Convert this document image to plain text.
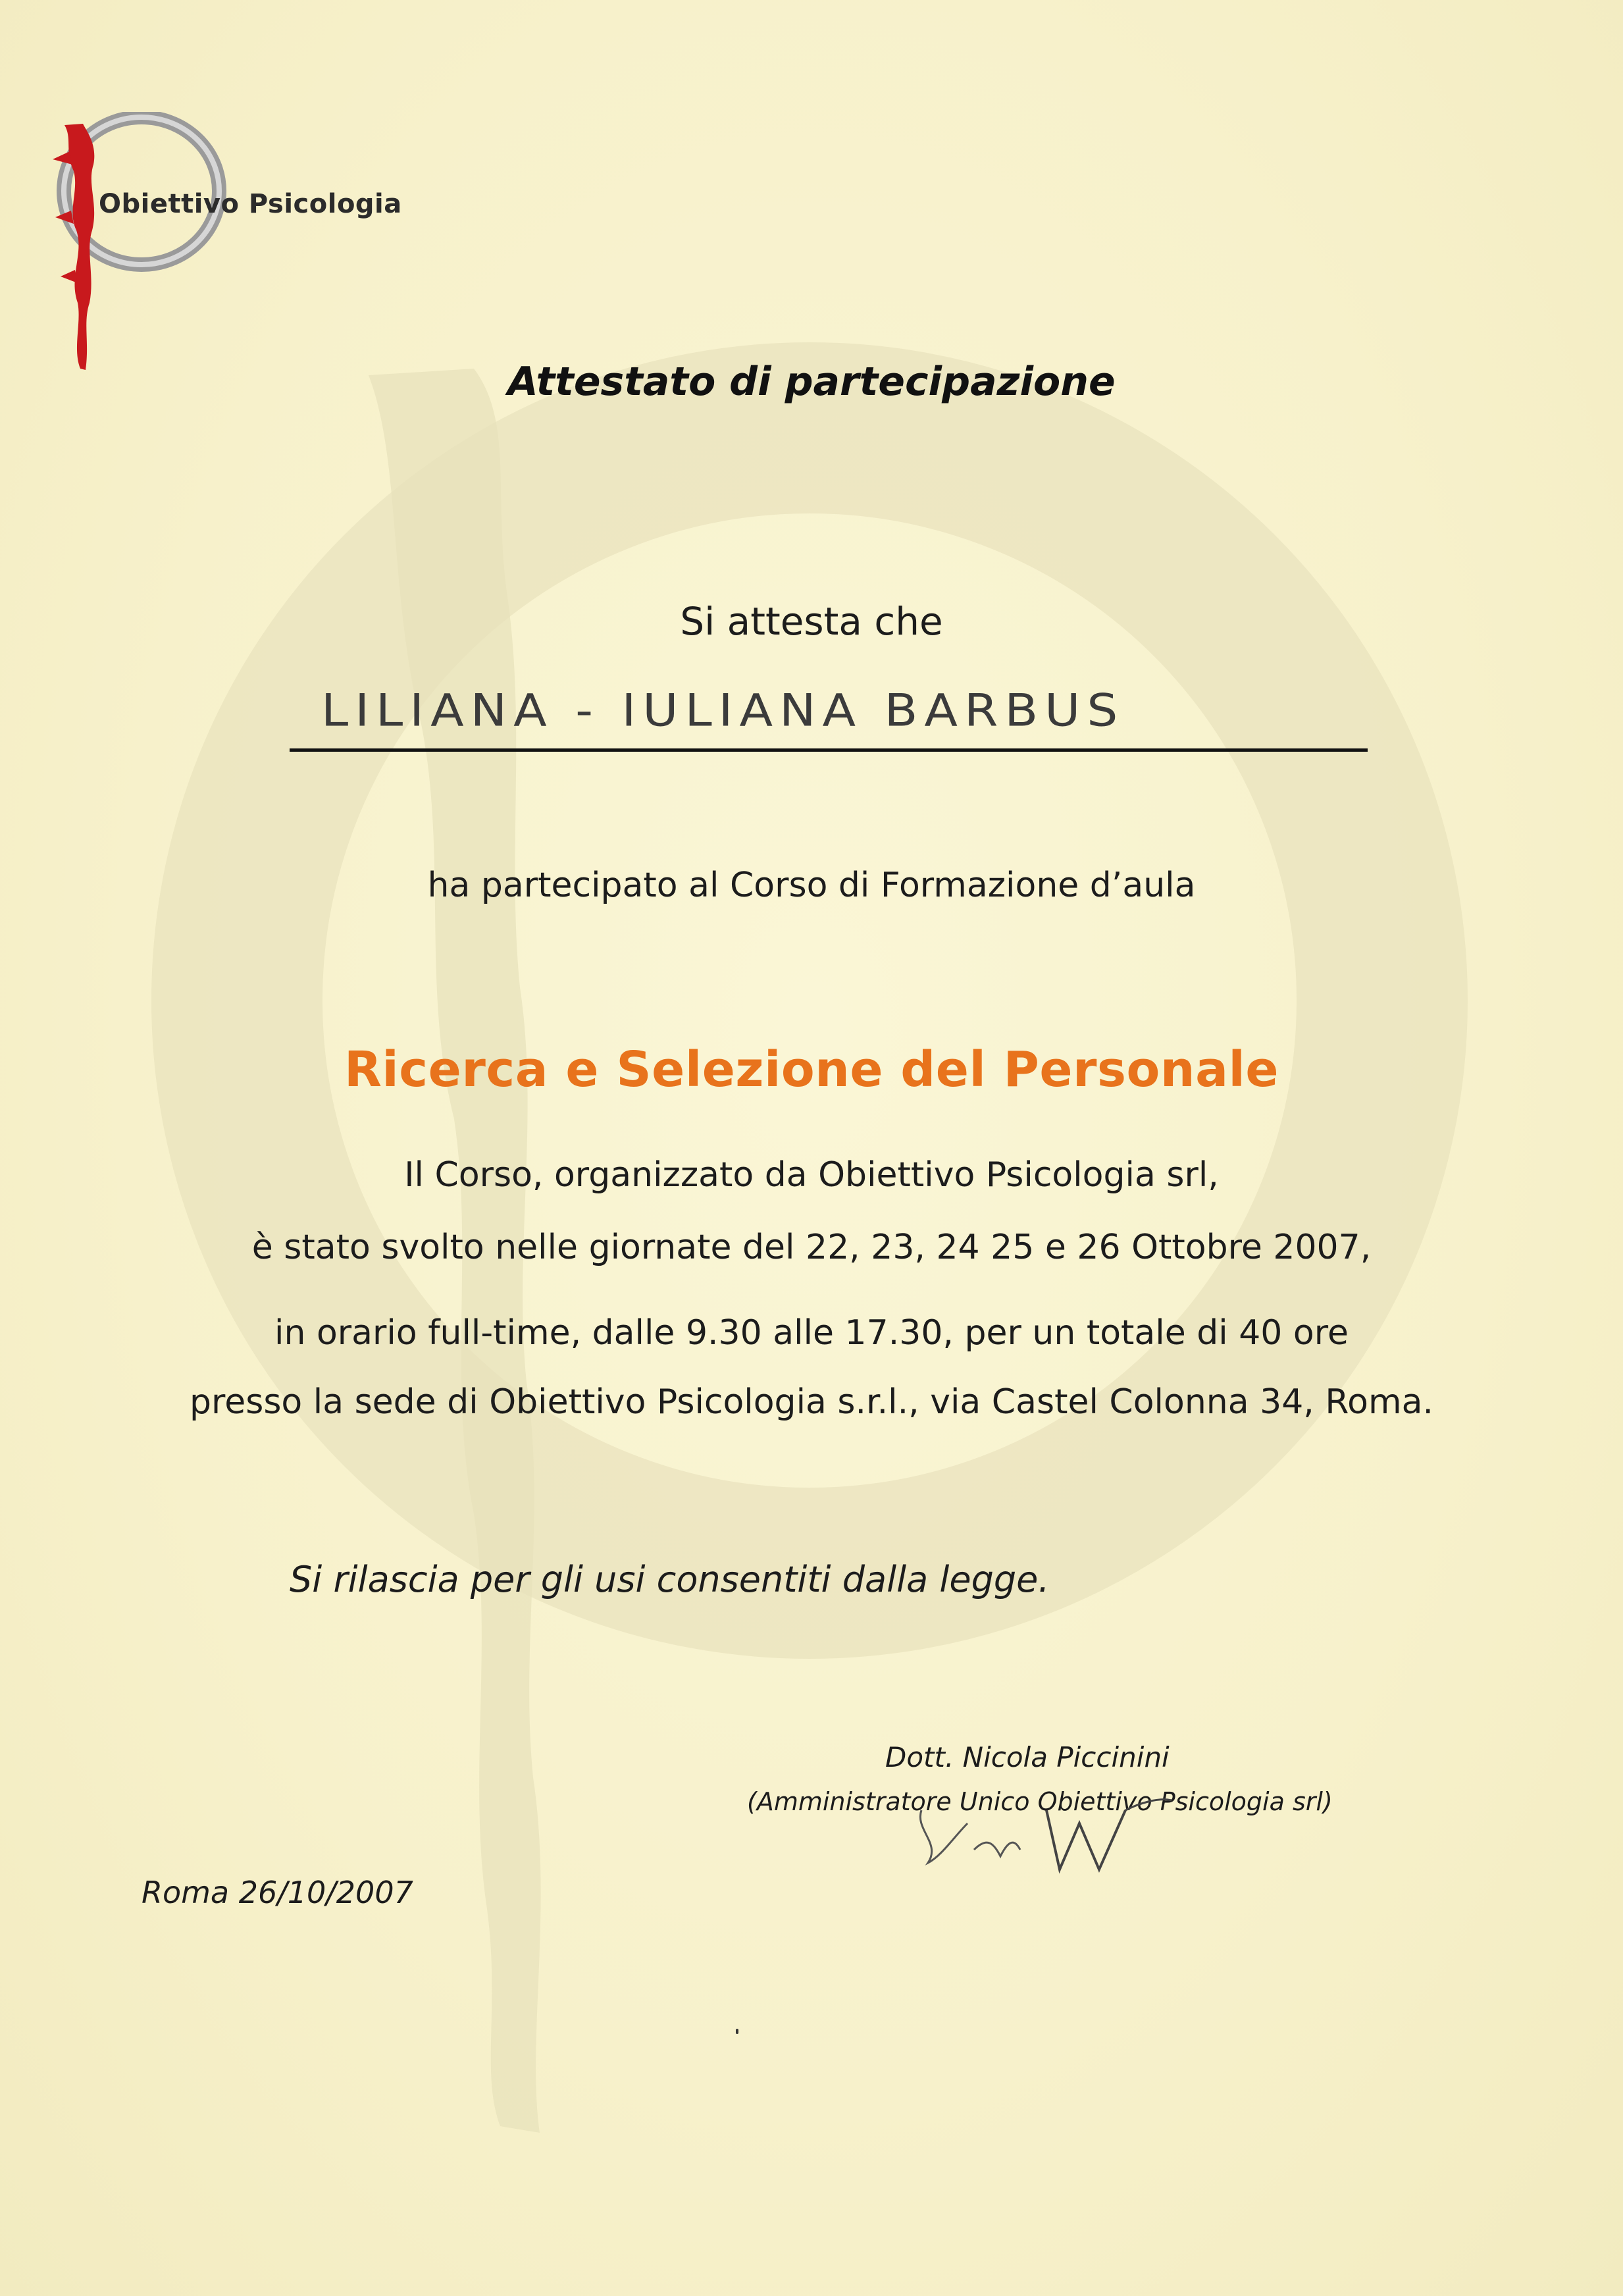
Obiettivo Psicologia
Attestato di partecipazione
Si attesta che
LILIANA - IULIANA BARBUS
ha partecipato al Corso di Formazione d’aula
Ricerca e Selezione del Personale
Il Corso, organizzato da Obiettivo Psicologia srl,
è stato svolto nelle giornate del 22, 23, 24 25 e 26 Ottobre 2007,
in orario full-time, dalle 9.30 alle 17.30, per un totale di 40 ore
presso la sede di Obiettivo Psicologia s.r.l., via Castel Colonna 34, Roma.
Si rilascia per gli usi consentiti dalla legge.
Dott. Nicola Piccinini
(Amministratore Unico Obiettivo Psicologia srl)
Roma 26/10/2007
